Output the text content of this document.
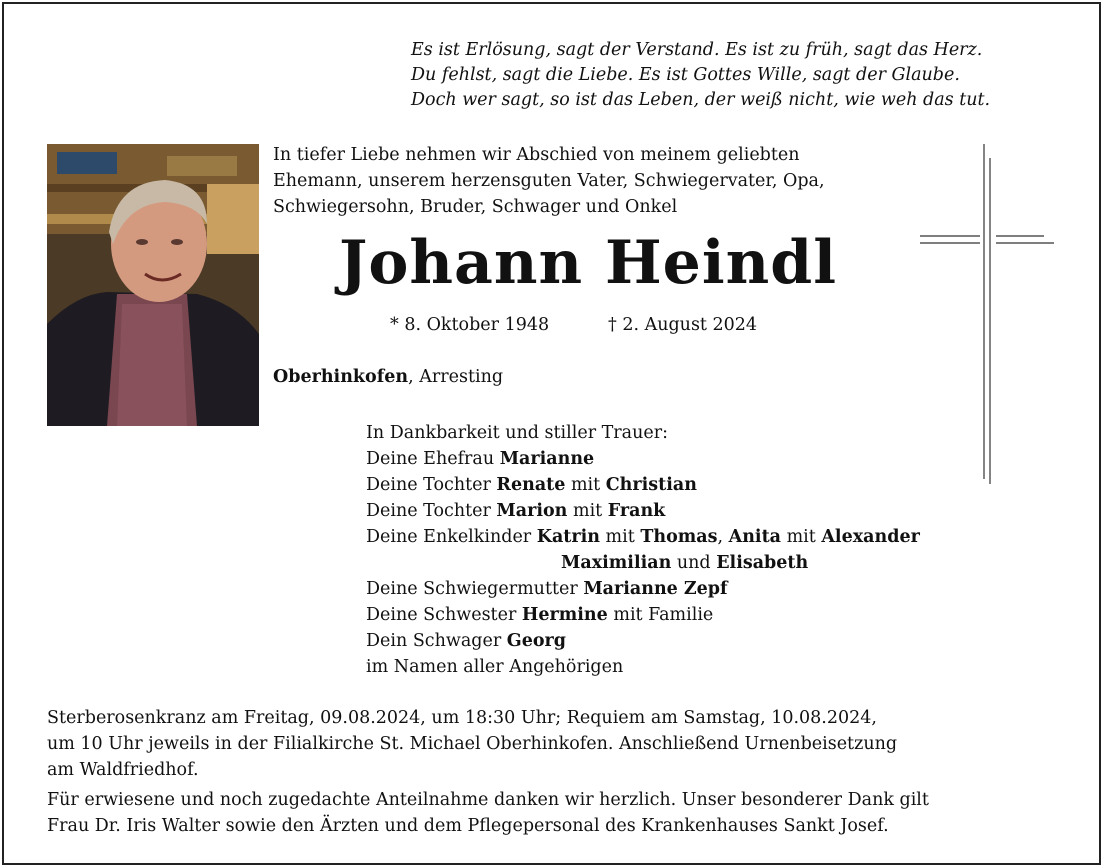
Es ist Erlösung, sagt der Verstand. Es ist zu früh, sagt das Herz.
Du fehlst, sagt die Liebe. Es ist Gottes Wille, sagt der Glaube.
Doch wer sagt, so ist das Leben, der weiß nicht, wie weh das tut.
In tiefer Liebe nehmen wir Abschied von meinem geliebten
Ehemann, unserem herzensguten Vater, Schwiegervater, Opa,
Schwiegersohn, Bruder, Schwager und Onkel
Johann Heindl
* 8. Oktober 1948	† 2. August 2024
Oberhinkofen, Arresting
In Dankbarkeit und stiller Trauer:
Deine Ehefrau Marianne
Deine Tochter Renate mit Christian
Deine Tochter Marion mit Frank
Deine Enkelkinder Katrin mit Thomas, Anita mit Alexander
Maximilian und Elisabeth
Deine Schwiegermutter Marianne Zepf
Deine Schwester Hermine mit Familie
Dein Schwager Georg
im Namen aller Angehörigen
Sterberosenkranz am Freitag, 09.08.2024, um 18:30 Uhr; Requiem am Samstag, 10.08.2024,
um 10 Uhr jeweils in der Filialkirche St. Michael Oberhinkofen. Anschließend Urnenbeisetzung
am Waldfriedhof.
Für erwiesene und noch zugedachte Anteilnahme danken wir herzlich. Unser besonderer Dank gilt
Frau Dr. Iris Walter sowie den Ärzten und dem Pflegepersonal des Krankenhauses Sankt Josef.
